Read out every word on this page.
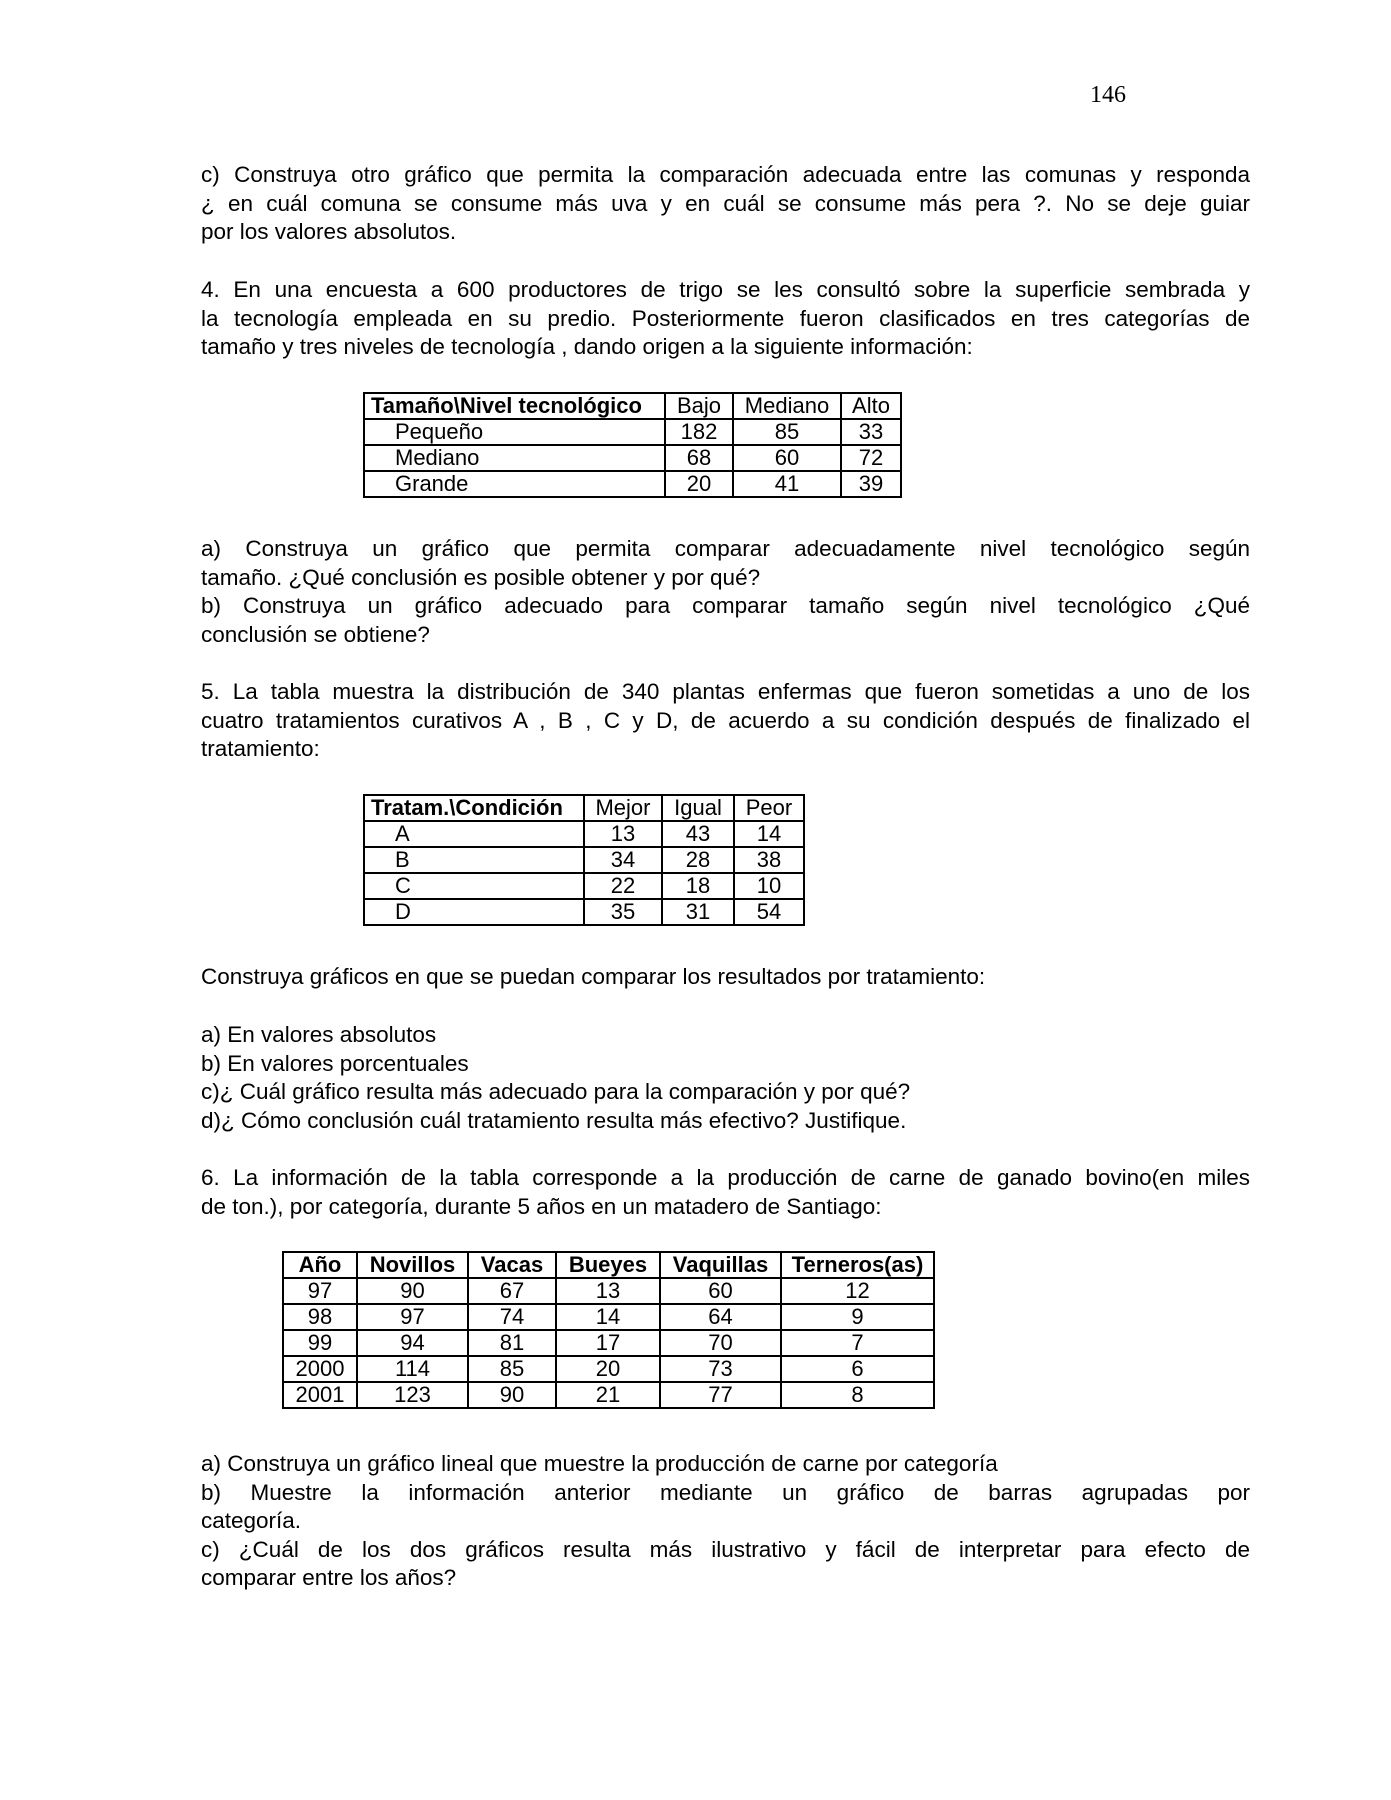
146
c) Construya otro gráfico que permita la comparación adecuada entre las comunas y responda
¿ en cuál comuna se consume más uva y en cuál se consume más pera ?. No se deje guiar
por los valores absolutos.
4. En una encuesta a 600 productores de trigo se les consultó sobre la superficie sembrada y
la tecnología empleada en su predio. Posteriormente fueron clasificados en tres categorías de
tamaño y tres niveles de tecnología , dando origen a la siguiente información:
Tamaño\Nivel tecnológico	Bajo	Mediano	Alto
Pequeño	182	85	33
Mediano	68	60	72
Grande	20	41	39
a) Construya un gráfico que permita comparar adecuadamente nivel tecnológico según
tamaño. ¿Qué conclusión es posible obtener y por qué?
b) Construya un gráfico adecuado para comparar tamaño según nivel tecnológico ¿Qué
conclusión se obtiene?
5. La tabla muestra la distribución de 340 plantas enfermas que fueron sometidas a uno de los
cuatro tratamientos curativos A , B , C y D, de acuerdo a su condición después de finalizado el
tratamiento:
Tratam.\Condición	Mejor	Igual	Peor
A	13	43	14
B	34	28	38
C	22	18	10
D	35	31	54
Construya gráficos en que se puedan comparar los resultados por tratamiento:
a) En valores absolutos
b) En valores porcentuales
c)¿ Cuál gráfico resulta más adecuado para la comparación y por qué?
d)¿ Cómo conclusión cuál tratamiento resulta más efectivo? Justifique.
6. La información de la tabla corresponde a la producción de carne de ganado bovino(en miles
de ton.), por categoría, durante 5 años en un matadero de Santiago:
Año	Novillos	Vacas	Bueyes	Vaquillas	Terneros(as)
97	90	67	13	60	12
98	97	74	14	64	9
99	94	81	17	70	7
2000	114	85	20	73	6
2001	123	90	21	77	8
a) Construya un gráfico lineal que muestre la producción de carne por categoría
b) Muestre la información anterior mediante un gráfico de barras agrupadas por
categoría.
c) ¿Cuál de los dos gráficos resulta más ilustrativo y fácil de interpretar para efecto de
comparar entre los años?
